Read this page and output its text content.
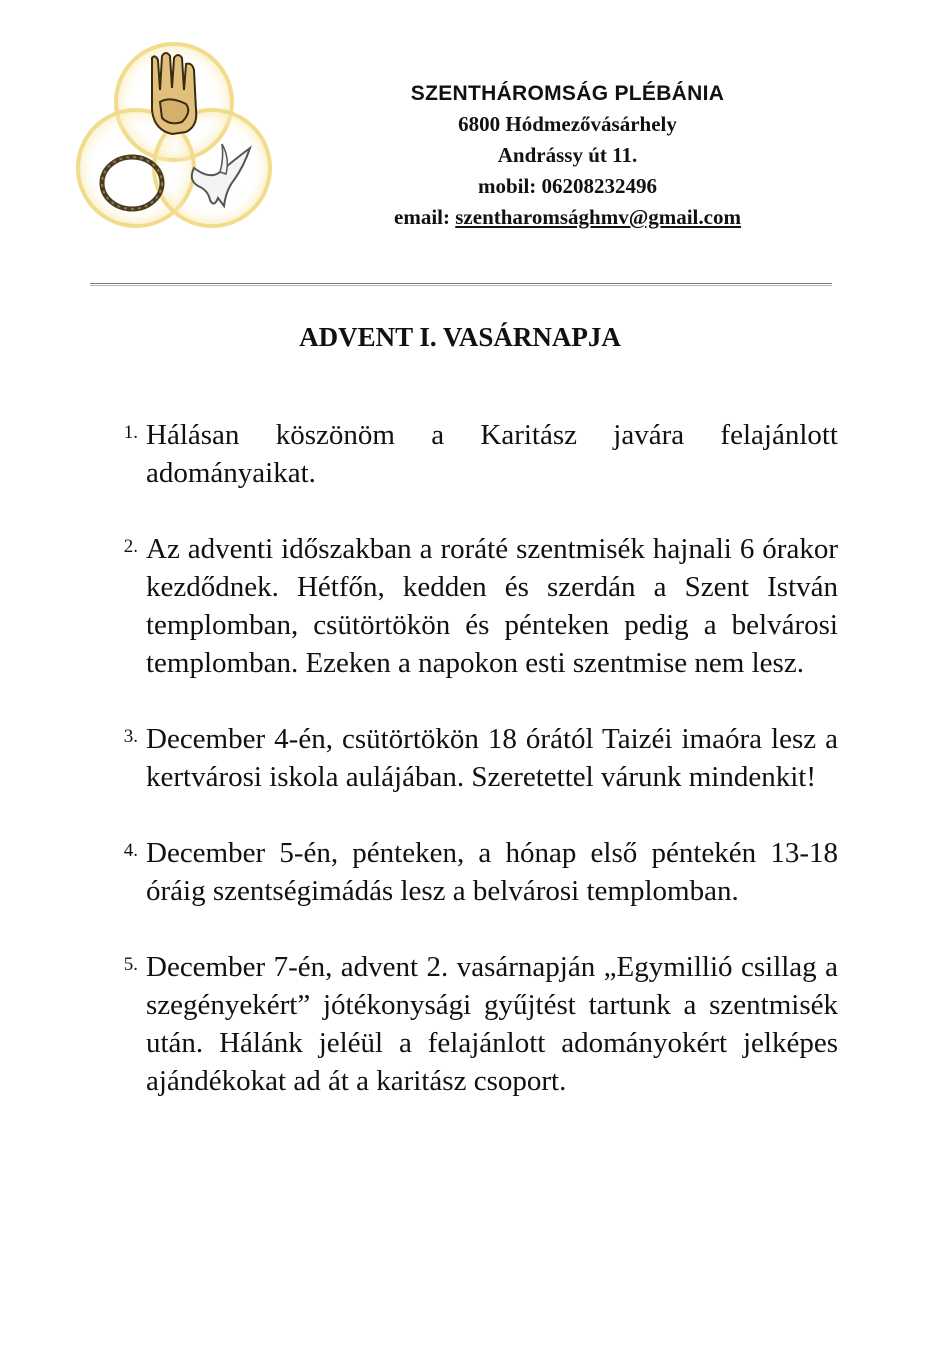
SZENTHÁROMSÁG PLÉBÁNIA
6800 Hódmezővásárhely
Andrássy út 11.
mobil: 06208232496
email: szentharomsághmv@gmail.com
ADVENT I. VASÁRNAPJA
1. Hálásan köszönöm a Karitász javára felajánlott adományaikat.
2. Az adventi időszakban a roráté szentmisék hajnali 6 órakor kezdődnek. Hétfőn, kedden és szerdán a Szent István templomban, csütörtökön és pénteken pedig a belvárosi templomban. Ezeken a napokon esti szentmise nem lesz.
3. December 4-én, csütörtökön 18 órától Taizéi imaóra lesz a kertvárosi iskola aulájában. Szeretettel várunk mindenkit!
4. December 5-én, pénteken, a hónap első péntekén 13-18 óráig szentségimádás lesz a belvárosi templomban.
5. December 7-én, advent 2. vasárnapján „Egymillió csillag a szegényekért” jótékonysági gyűjtést tartunk a szentmisék után. Hálánk jeléül a felajánlott adományokért jelképes ajándékokat ad át a karitász csoport.
